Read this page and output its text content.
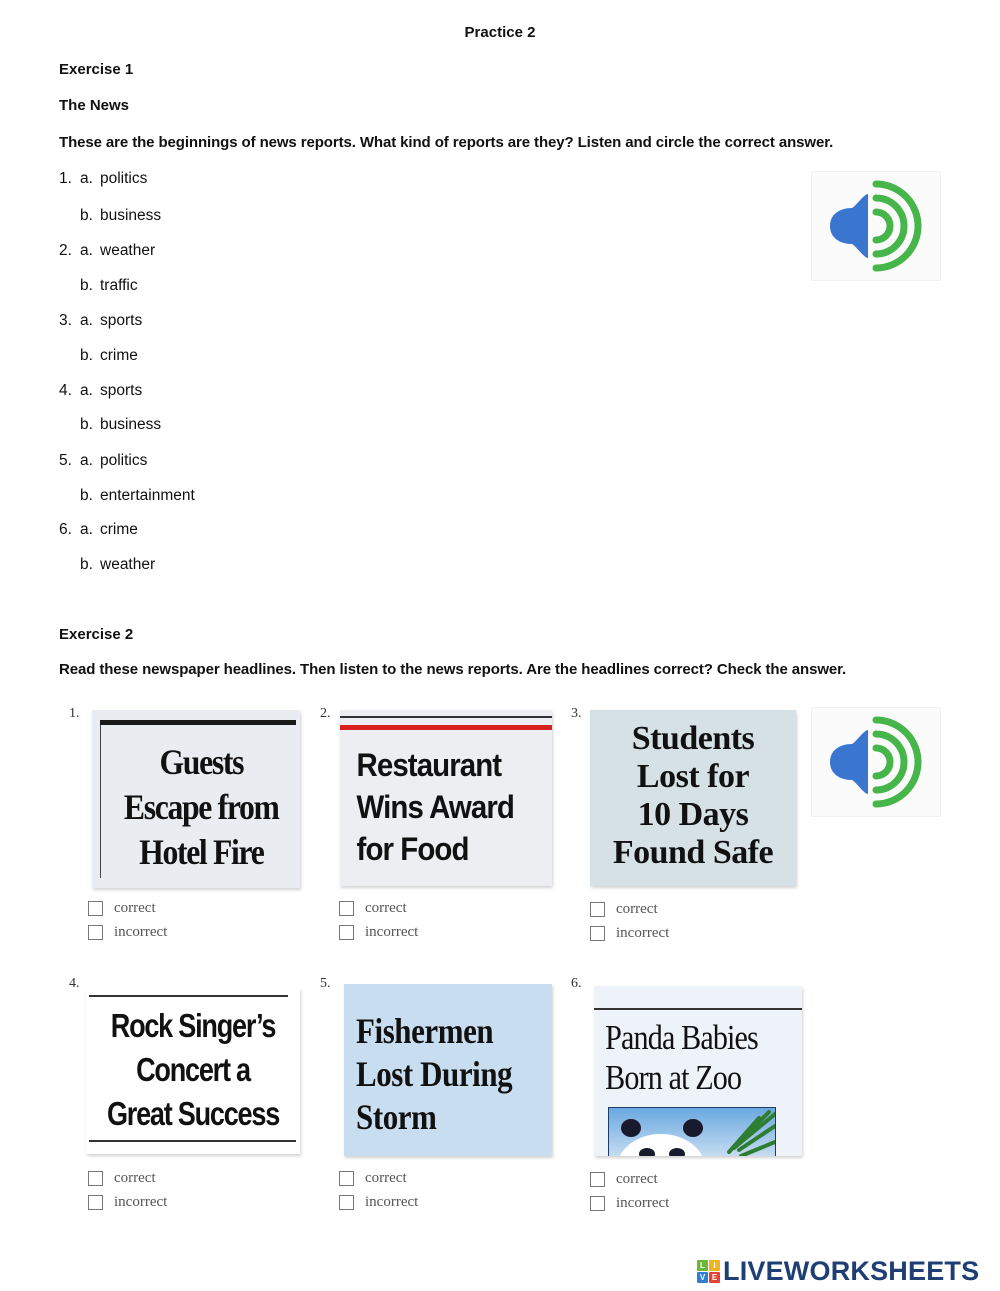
Practice 2
Exercise 1
The News
These are the beginnings of news reports. What kind of reports are they? Listen and circle the correct answer.
1. a. politics
b. business
2. a. weather
b. traffic
3. a. sports
b. crime
4. a. sports
b. business
5. a. politics
b. entertainment
6. a. crime
b. weather
Exercise 2
Read these newspaper headlines. Then listen to the news reports. Are the headlines correct? Check the answer.
1.
Guests
Escape from
Hotel Fire
correct
incorrect
2.
Restaurant
Wins Award
for Food
correct
incorrect
3.
Students
Lost for
10 Days
Found Safe
correct
incorrect
4.
Rock Singer’s
Concert a
Great Success
correct
incorrect
5.
Fishermen
Lost During
Storm
correct
incorrect
6.
Panda Babies
Born at Zoo
correct
incorrect
L	I
V E LIVEWORKSHEETS
